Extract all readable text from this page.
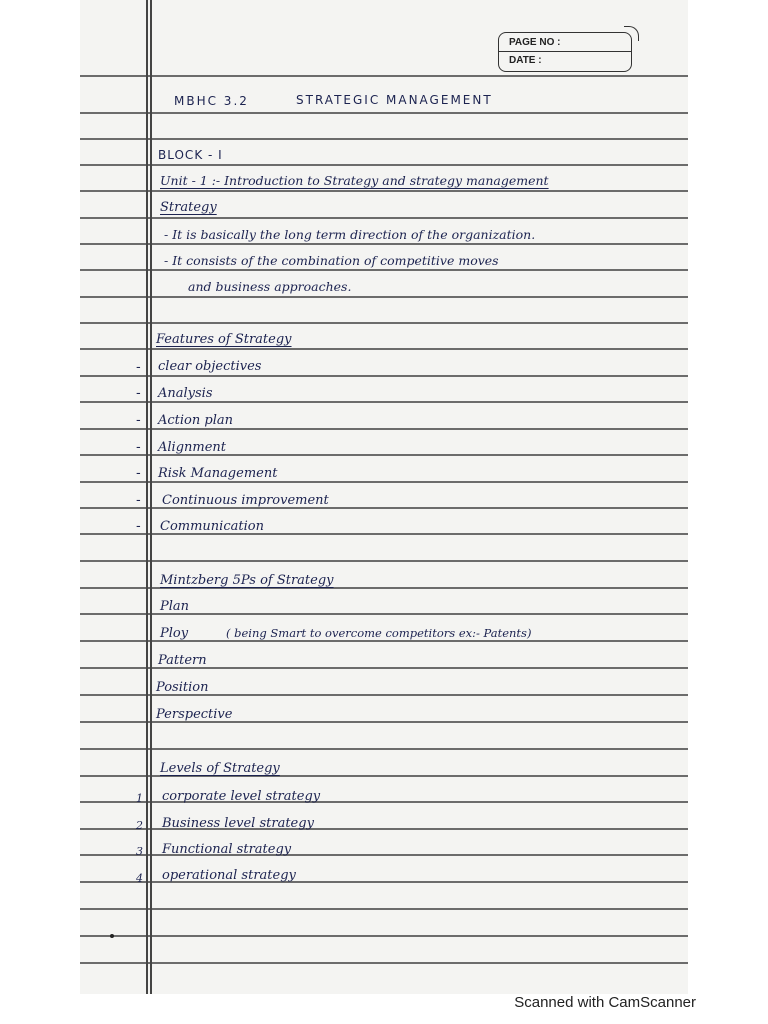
PAGE NO :
DATE :
MBHC 3.2	STRATEGIC MANAGEMENT
BLOCK - I
Unit - 1 :- Introduction to Strategy and strategy management
Strategy
- It is basically the long term direction of the organization.
- It consists of the combination of competitive moves
and business approaches.
Features of Strategy
- clear objectives
- Analysis
- Action plan
- Alignment
- Risk Management
- Continuous improvement
- Communication
Mintzberg 5Ps of Strategy
Plan
Ploy	( being Smart to overcome competitors ex:- Patents)
Pattern
Position
Perspective
Levels of Strategy
1 corporate level strategy
2 Business level strategy
3 Functional strategy
4 operational strategy
Scanned with CamScanner
